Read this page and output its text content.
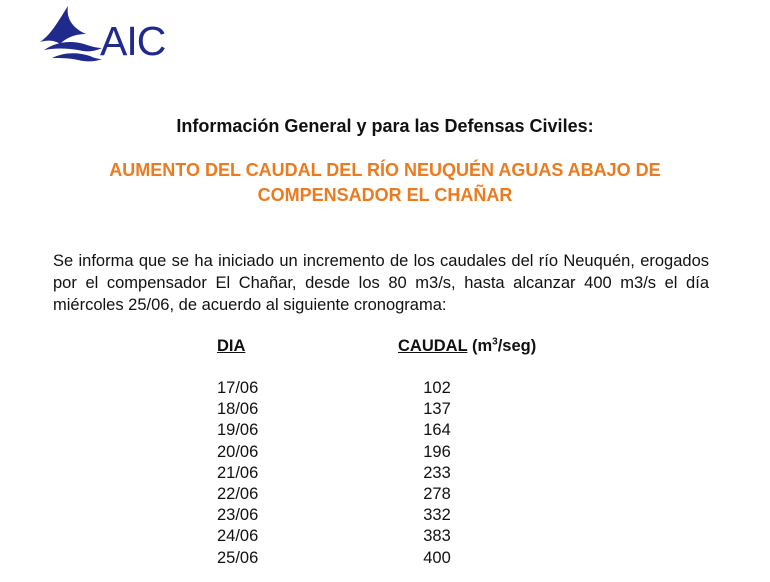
AIC
Información General y para las Defensas Civiles:
AUMENTO DEL CAUDAL DEL RÍO NEUQUÉN AGUAS ABAJO DE
COMPENSADOR EL CHAÑAR
Se informa que se ha iniciado un incremento de los caudales del río Neuquén, erogados por el compensador El Chañar, desde los 80 m3/s, hasta alcanzar 400 m3/s el día miércoles 25/06, de acuerdo al siguiente cronograma:
DIA	CAUDAL $(m^3/seg)$
17/06	102
18/06	137
19/06	164
20/06	196
21/06	233
22/06	278
23/06	332
24/06	383
25/06	400
